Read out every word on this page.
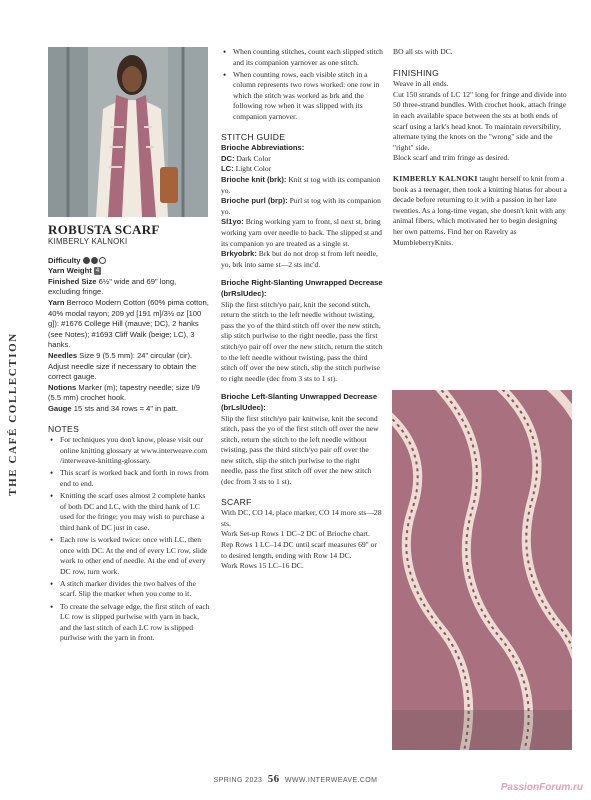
THE CAFÉ COLLECTION
ROBUSTA SCARF
KIMBERLY KALNOKI

Difficulty

Yarn Weight 4

Finished Size 6½" wide and 69" long, excluding fringe.

Yarn Berroco Modern Cotton (60% pima cotton, 40% modal rayon; 209 yd [191 m]/3½ oz [100 g]): #1676 College Hill (mauve; DC), 2 hanks (see Notes); #1693 Cliff Walk (beige; LC), 3 hanks.

Needles Size 9 (5.5 mm): 24" circular (cir). Adjust needle size if necessary to obtain the correct gauge.

Notions Marker (m); tapestry needle; size I/9 (5.5 mm) crochet hook.

Gauge 15 sts and 34 rows = 4" in patt.

NOTES
• For techniques you don't know, please visit our online knitting glossary at www.interweave.com /interweave-knitting-glossary.
• This scarf is worked back and forth in rows from end to end.
• Knitting the scarf uses almost 2 complete hanks of both DC and LC, with the third hank of LC used for the fringe; you may wish to purchase a third hank of DC just in case.
• Each row is worked twice: once with LC, then once with DC. At the end of every LC row, slide work to other end of needle. At the end of every DC row, turn work.
• A stitch marker divides the two halves of the scarf. Slip the marker when you come to it.
• To create the selvage edge, the first stitch of each LC row is slipped purlwise with yarn in back, and the last stitch of each LC row is slipped purlwise with the yarn in front.
• When counting stitches, count each slipped stitch and its companion yarnover as one stitch.
• When counting rows, each visible stitch in a column represents two rows worked: one row in which the stitch was worked as brk and the following row when it was slipped with its companion yarnover.
STITCH GUIDE
Brioche Abbreviations:

DC: Dark Color

LC: Light Color

Brioche knit (brk): Knit st tog with its companion yo.

Brioche purl (brp): Purl st tog with its companion yo.

Sl1yo: Bring working yarn to front, sl next st, bring working yarn over needle to back. The slipped st and its companion yo are treated as a single st.

Brkyobrk: Brk but do not drop st from left needle, yo, brk into same st—2 sts inc'd.

Brioche Right-Slanting Unwrapped Decrease (brRslUdec):

Slip the first stitch/yo pair, knit the second stitch, return the stitch to the left needle without twisting, pass the yo of the third stitch off over the new stitch, slip stitch purlwise to the right needle, pass the first stitch/yo pair off over the new stitch, return the stitch to the left needle without twisting, pass the third stitch off over the new stitch, slip the stitch purlwise to right needle (dec from 3 sts to 1 st).

Brioche Left-Slanting Unwrapped Decrease (brLslUdec):

Slip the first stitch/yo pair knitwise, knit the second stitch, pass the yo of the first stitch off over the new stitch, return the stitch to the left needle without twisting, pass the third stitch/yo pair off over the new stitch, slip the stitch purlwise to the right needle, pass the first stitch off over the new stitch (dec from 3 sts to 1 st).

SCARF

With DC, CO 14, place marker, CO 14 more sts—28 sts.

Work Set-up Rows 1 DC–2 DC of Brioche chart.

Rep Rows 1 LC–14 DC until scarf measures 69" or to desired length, ending with Row 14 DC.

Work Rows 15 LC–16 DC.

BO all sts with DC.

FINISHING

Weave in all ends.

Cut 150 strands of LC 12" long for fringe and divide into 50 three-strand bundles. With crochet hook, attach fringe in each available space between the sts at both ends of scarf using a lark's head knot. To maintain reversibility, alternate tying the knots on the "wrong" side and the "right" side.

Block scarf and trim fringe as desired.

KIMBERLY KALNOKI taught herself to knit from a book as a teenager, then took a knitting hiatus for about a decade before returning to it with a passion in her late twenties. As a long-time vegan, she doesn't knit with any animal fibers, which motivated her to begin designing her own patterns. Find her on Ravelry as MumbleberryKnits.

SPRING 2023 56 WWW.INTERWEAVE.COM
PassionForum.ru
